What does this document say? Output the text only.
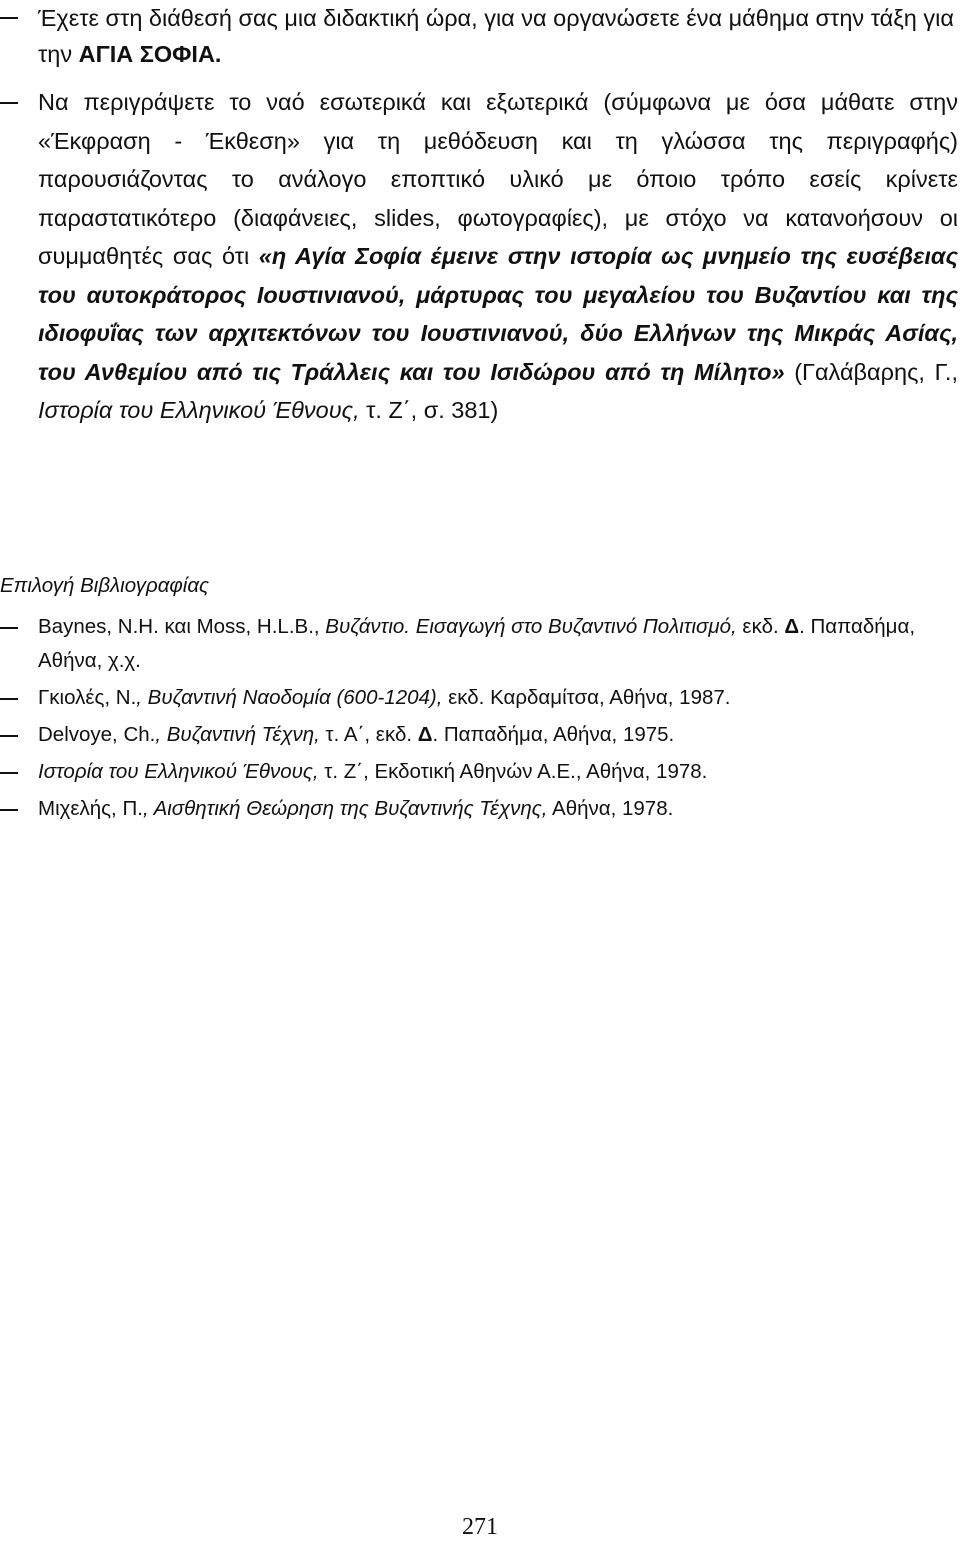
Έχετε στη διάθεσή σας μια διδακτική ώρα, για να οργανώσετε ένα μάθημα στην τάξη για την ΑΓΙΑ ΣΟΦΙΑ.
Να περιγράψετε το ναό εσωτερικά και εξωτερικά (σύμφωνα με όσα μάθατε στην «Έκφραση - Έκθεση» για τη μεθόδευση και τη γλώσσα της περιγραφής) παρουσιάζοντας το ανάλογο εποπτικό υλικό με όποιο τρόπο εσείς κρίνετε παραστατικότερο (διαφάνειες, slides, φωτογραφίες), με στόχο να κατανοήσουν οι συμμαθητές σας ότι «η Αγία Σοφία έμεινε στην ιστορία ως μνημείο της ευσέβειας του αυτοκράτορος Ιουστινιανού, μάρτυρας του μεγαλείου του Βυζαντίου και της ιδιοφυΐας των αρχιτεκτόνων του Ιουστινιανού, δύο Ελλήνων της Μικράς Ασίας, του Ανθεμίου από τις Τράλλεις και του Ισιδώρου από τη Μίλητο» (Γαλάβαρης, Γ., Ιστορία του Ελληνικού Έθνους, τ. Ζ΄, σ. 381)
Επιλογή Βιβλιογραφίας
Baynes, N.H. και Moss, H.L.B., Βυζάντιο. Εισαγωγή στο Βυζαντινό Πολιτισμό, εκδ. Δ. Παπαδήμα, Αθήνα, χ.χ.
Γκιολές, Ν., Βυζαντινή Ναοδομία (600-1204), εκδ. Καρδαμίτσα, Αθήνα, 1987.
Delvoye, Ch., Βυζαντινή Τέχνη, τ. Α΄, εκδ. Δ. Παπαδήμα, Αθήνα, 1975.
Ιστορία του Ελληνικού Έθνους, τ. Ζ΄, Εκδοτική Αθηνών Α.Ε., Αθήνα, 1978.
Μιχελής, Π., Αισθητική Θεώρηση της Βυζαντινής Τέχνης, Αθήνα, 1978.
271
